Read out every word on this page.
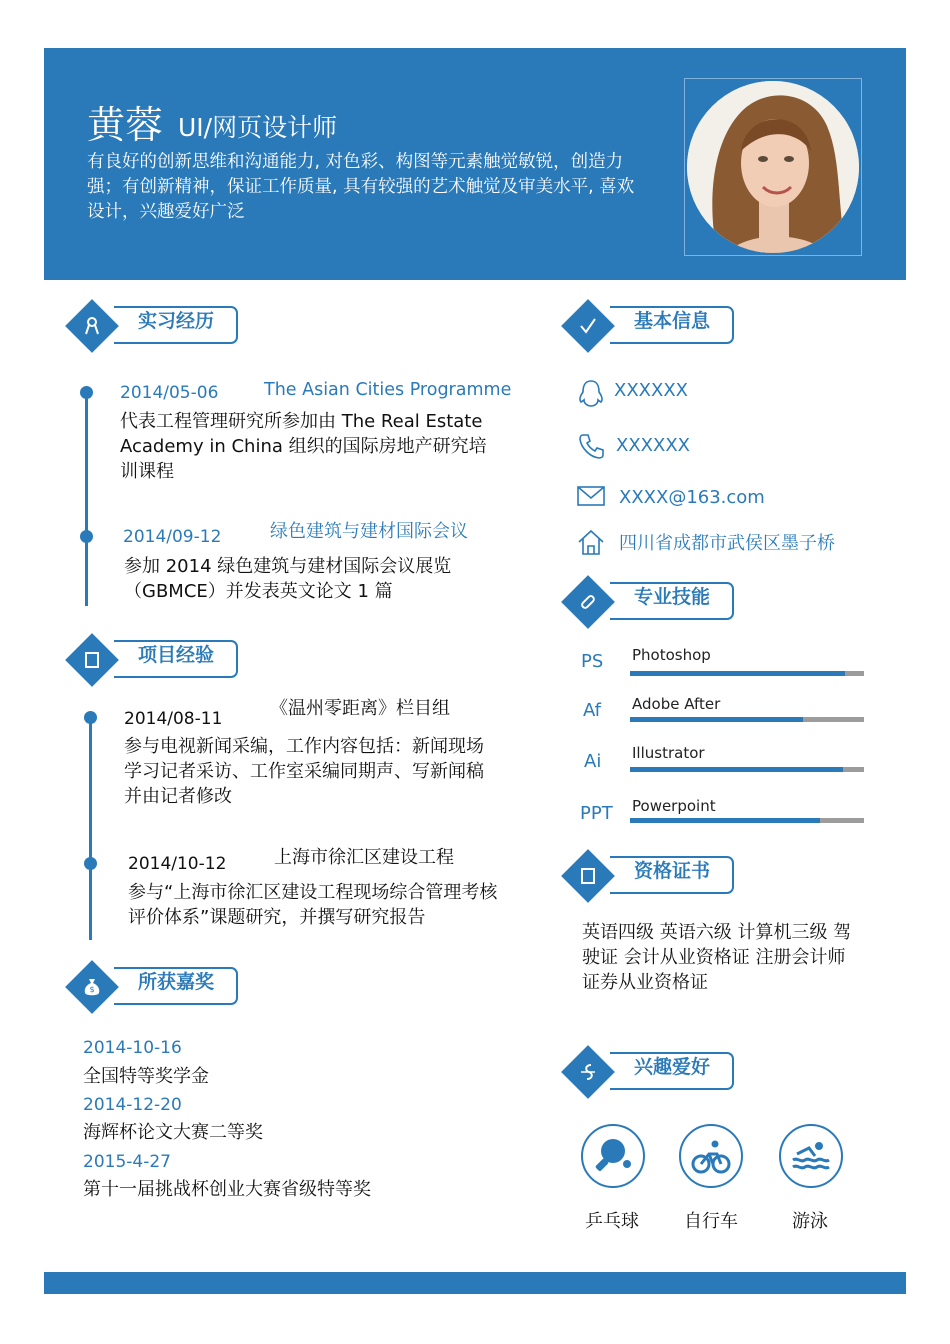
黄蓉 UI/网页设计师
有良好的创新思维和沟通能力, 对色彩、构图等元素触觉敏锐，创造力强；有创新精神，保证工作质量, 具有较强的艺术触觉及审美水平, 喜欢设计，兴趣爱好广泛
实习经历
2014/05-06	The Asian Cities Programme
代表工程管理研究所参加由 The Real Estate Academy in China 组织的国际房地产研究培训课程
2014/09-12	绿色建筑与建材国际会议
参加 2014 绿色建筑与建材国际会议展览（GBMCE）并发表英文论文 1 篇
项目经验
2014/08-11	《温州零距离》栏目组
参与电视新闻采编，工作内容包括：新闻现场学习记者采访、工作室采编同期声、写新闻稿并由记者修改
2014/10-12	上海市徐汇区建设工程
参与“上海市徐汇区建设工程现场综合管理考核评价体系”课题研究，并撰写研究报告
$ 所获嘉奖
2014-10-16
全国特等奖学金
2014-12-20
海辉杯论文大赛二等奖
2015-4-27
第十一届挑战杯创业大赛省级特等奖
基本信息
XXXXXX
XXXXXX
XXXX@163.com
四川省成都市武侯区墨子桥
专业技能
PS Photoshop
Af Adobe After
Ai Illustrator
PPT Powerpoint
资格证书
英语四级 英语六级 计算机三级 驾驶证 会计从业资格证 注册会计师 证券从业资格证
兴趣爱好
乒乓球	自行车	游泳
